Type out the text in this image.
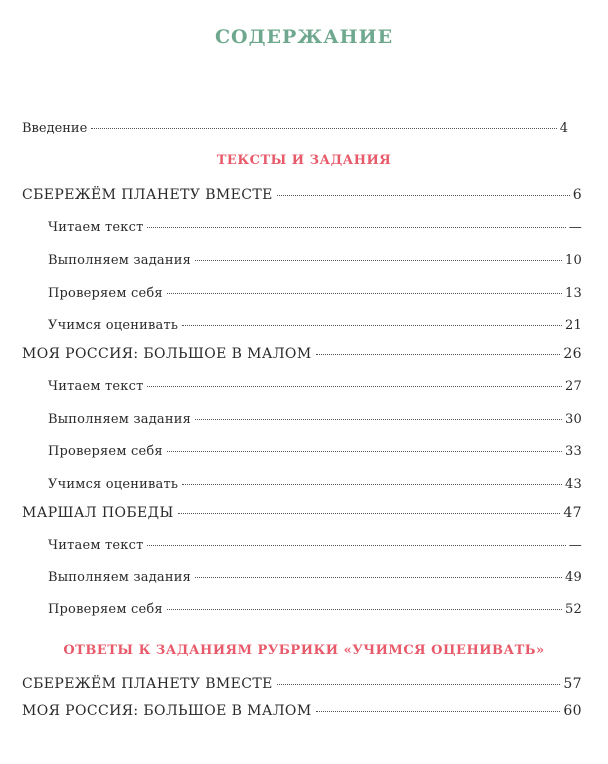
СОДЕРЖАНИЕ
Введение	4
ТЕКСТЫ И ЗАДАНИЯ
СБЕРЕЖЁМ ПЛАНЕТУ ВМЕСТЕ	6
Читаем текст	—
Выполняем задания	10
Проверяем себя	13
Учимся оценивать	21
МОЯ РОССИЯ: БОЛЬШОЕ В МАЛОМ	26
Читаем текст	27
Выполняем задания	30
Проверяем себя	33
Учимся оценивать	43
МАРШАЛ ПОБЕДЫ	47
Читаем текст	—
Выполняем задания	49
Проверяем себя	52
ОТВЕТЫ К ЗАДАНИЯМ РУБРИКИ «УЧИМСЯ ОЦЕНИВАТЬ»
СБЕРЕЖЁМ ПЛАНЕТУ ВМЕСТЕ	57
МОЯ РОССИЯ: БОЛЬШОЕ В МАЛОМ	60
